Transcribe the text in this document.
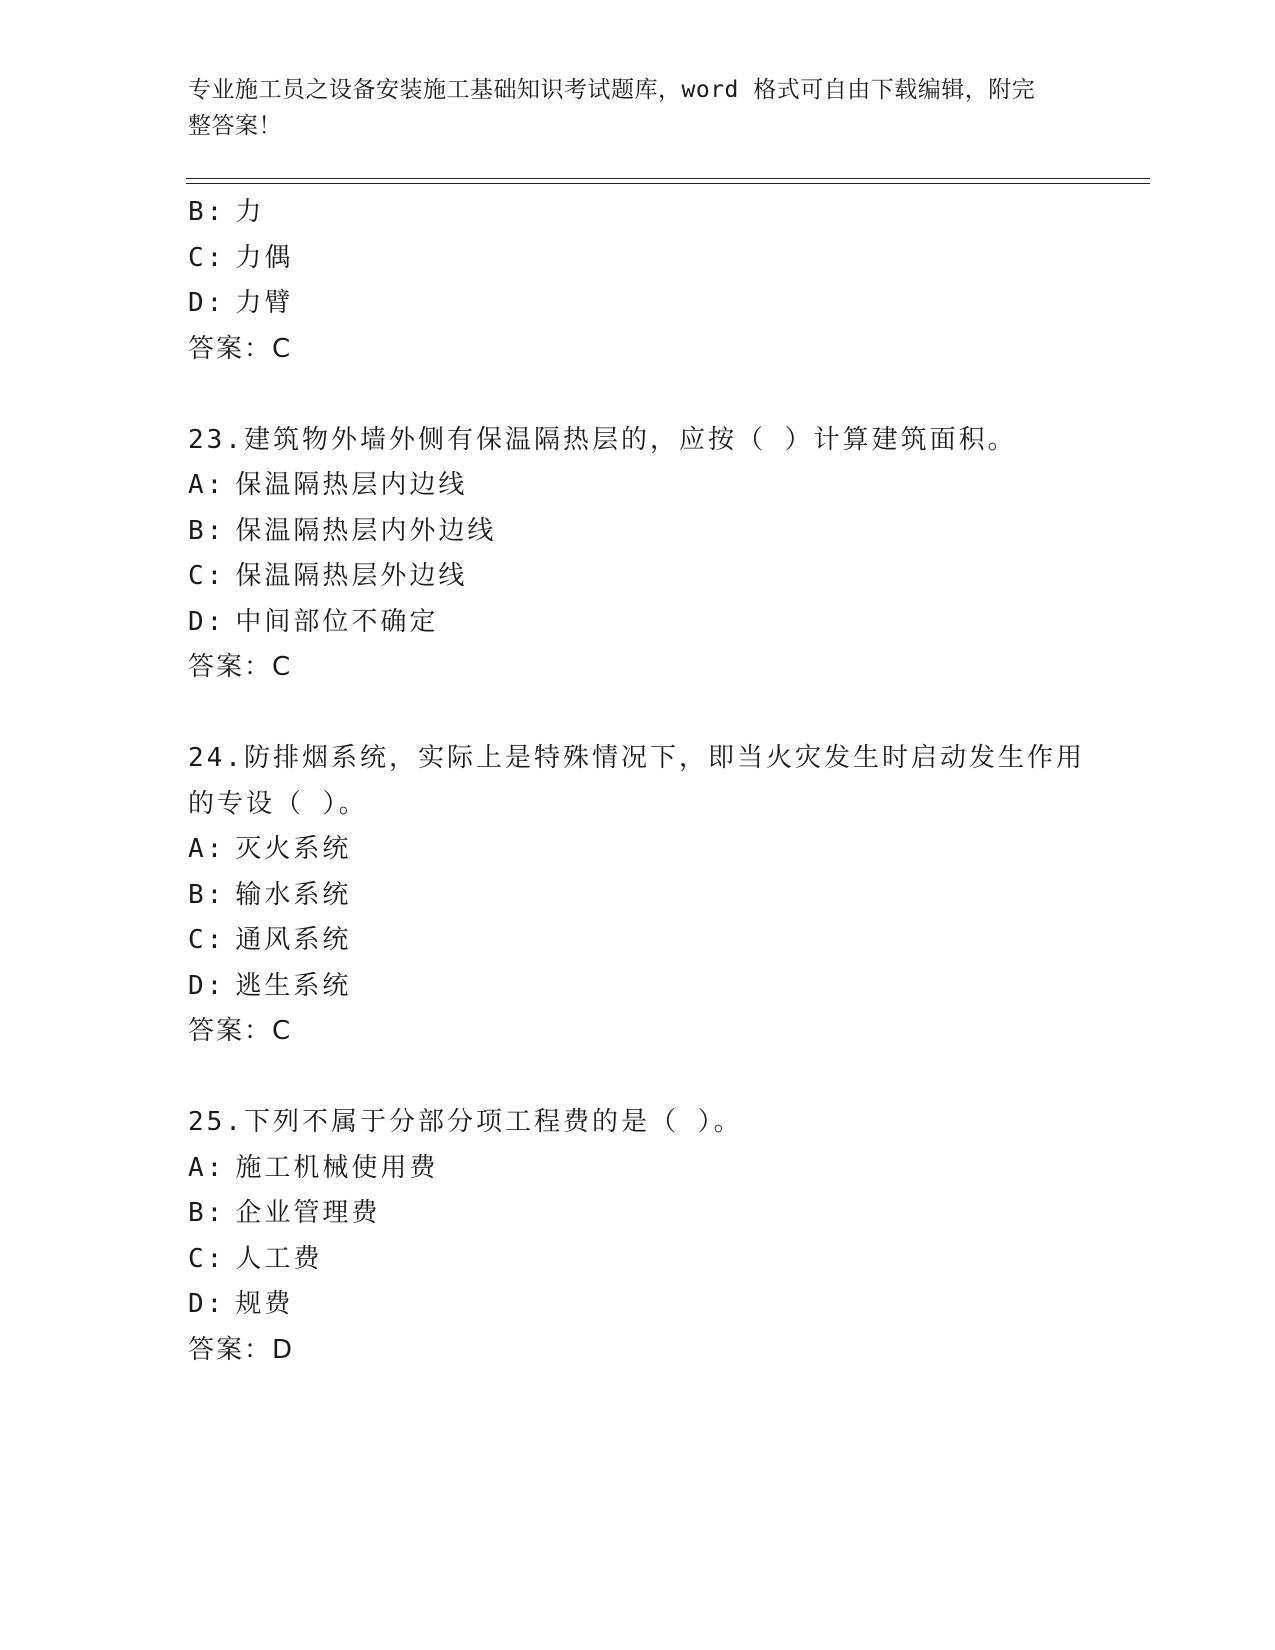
专业施工员之设备安装施工基础知识考试题库，word 格式可自由下载编辑，附完
整答案！
B: 力
C: 力偶
D: 力臂
答案：C
23.建筑物外墙外侧有保温隔热层的，应按（ ）计算建筑面积。
A: 保温隔热层内边线
B: 保温隔热层内外边线
C: 保温隔热层外边线
D: 中间部位不确定
答案：C
24.防排烟系统，实际上是特殊情况下，即当火灾发生时启动发生作用
的专设（ ）。
A: 灭火系统
B: 输水系统
C: 通风系统
D: 逃生系统
答案：C
25.下列不属于分部分项工程费的是（ ）。
A: 施工机械使用费
B: 企业管理费
C: 人工费
D: 规费
答案：D
